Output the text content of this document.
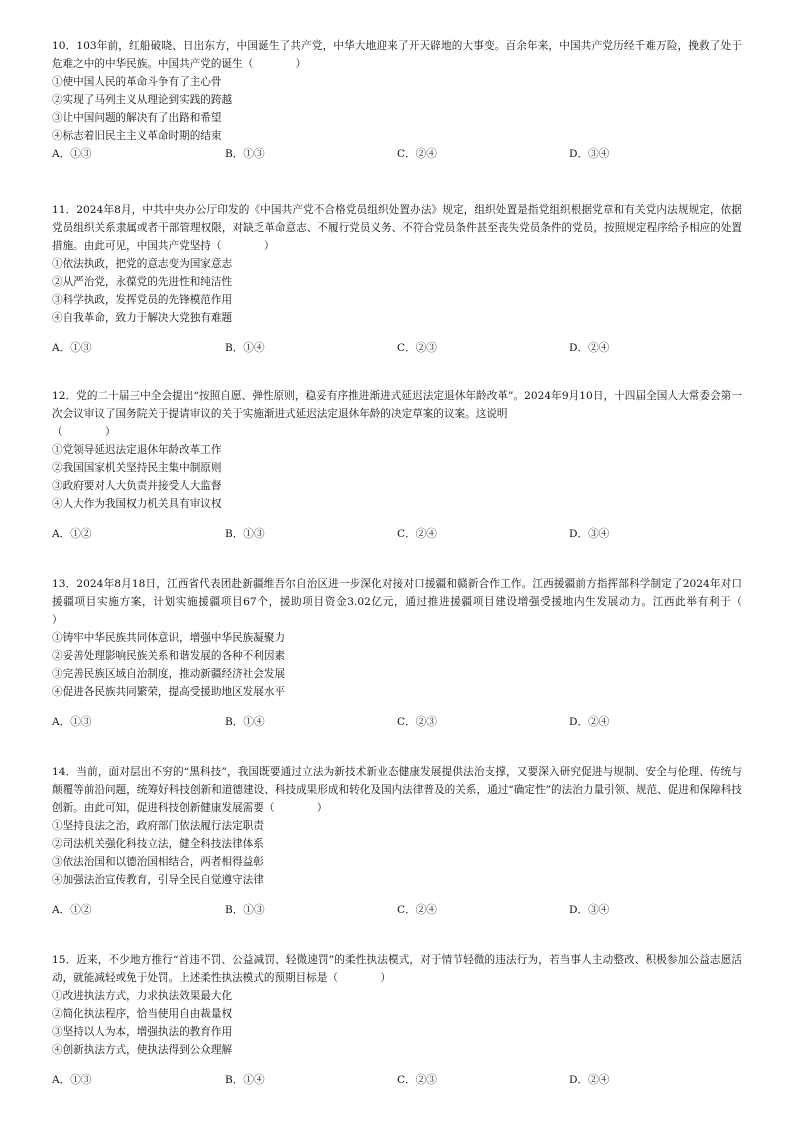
10．103年前，红船破晓、日出东方，中国诞生了共产党，中华大地迎来了开天辟地的大事变。百余年来，中国共产党历经千难万险，挽救了处于危难之中的中华民族。中国共产党的诞生（　　　　）

①使中国人民的革命斗争有了主心骨

②实现了马列主义从理论到实践的跨越

③让中国问题的解决有了出路和希望

④标志着旧民主主义革命时期的结束

A．①③	B．①③	C．②④	D．③④

11．2024年8月，中共中央办公厅印发的《中国共产党不合格党员组织处置办法》规定，组织处置是指党组织根据党章和有关党内法规规定，依据党员组织关系隶属或者干部管理权限，对缺乏革命意志、不履行党员义务、不符合党员条件甚至丧失党员条件的党员，按照规定程序给予相应的处置措施。由此可见，中国共产党坚持（　　　　）

①依法执政，把党的意志变为国家意志

②从严治党，永葆党的先进性和纯洁性

③科学执政，发挥党员的先锋模范作用

④自我革命，致力于解决大党独有难题

A．①③	B．①④	C．②③	D．②④

12．党的二十届三中全会提出“按照自愿、弹性原则，稳妥有序推进渐进式延迟法定退休年龄改革”。2024年9月10日，十四届全国人大常委会第一次会议审议了国务院关于提请审议的关于实施渐进式延迟法定退休年龄的决定草案的议案。这说明

（　　　　）

①党领导延迟法定退休年龄改革工作

②我国国家机关坚持民主集中制原则

③政府要对人大负责并接受人大监督

④人大作为我国权力机关具有审议权

A．①②	B．①③	C．②④	D．③④

13．2024年8月18日，江西省代表团赴新疆维吾尔自治区进一步深化对接对口援疆和赣新合作工作。江西援疆前方指挥部科学制定了2024年对口援疆项目实施方案，计划实施援疆项目67个，援助项目资金3.02亿元，通过推进援疆项目建设增强受援地内生发展动力。江西此举有利于（　　　　）

①铸牢中华民族共同体意识，增强中华民族凝聚力

②妥善处理影响民族关系和谐发展的各种不利因素

③完善民族区域自治制度，推动新疆经济社会发展

④促进各民族共同繁荣，提高受援助地区发展水平

A．①③	B．①④	C．②③	D．②④

14．当前，面对层出不穷的“黑科技”，我国既要通过立法为新技术新业态健康发展提供法治支撑，又要深入研究促进与规制、安全与伦理、传统与颠覆等前沿问题，统筹好科技创新和道德建设、科技成果形成和转化及国内法律普及的关系，通过“确定性”的法治力量引领、规范、促进和保障科技创新。由此可知，促进科技创新健康发展需要（　　　　）

①坚持良法之治，政府部门依法履行法定职责

②司法机关强化科技立法，健全科技法律体系

③依法治国和以德治国相结合，两者相得益彰

④加强法治宣传教育，引导全民自觉遵守法律

A．①②	B．①③	C．②④	D．③④

15．近来，不少地方推行“首违不罚、公益减罚、轻微速罚”的柔性执法模式，对于情节轻微的违法行为，若当事人主动整改、积极参加公益志愿活动，就能减轻或免于处罚。上述柔性执法模式的预期目标是（　　　　）

①改进执法方式，力求执法效果最大化

②简化执法程序，恰当使用自由裁量权

③坚持以人为本，增强执法的教育作用

④创新执法方式，使执法得到公众理解

A．①③	B．①④	C．②③	D．②④
